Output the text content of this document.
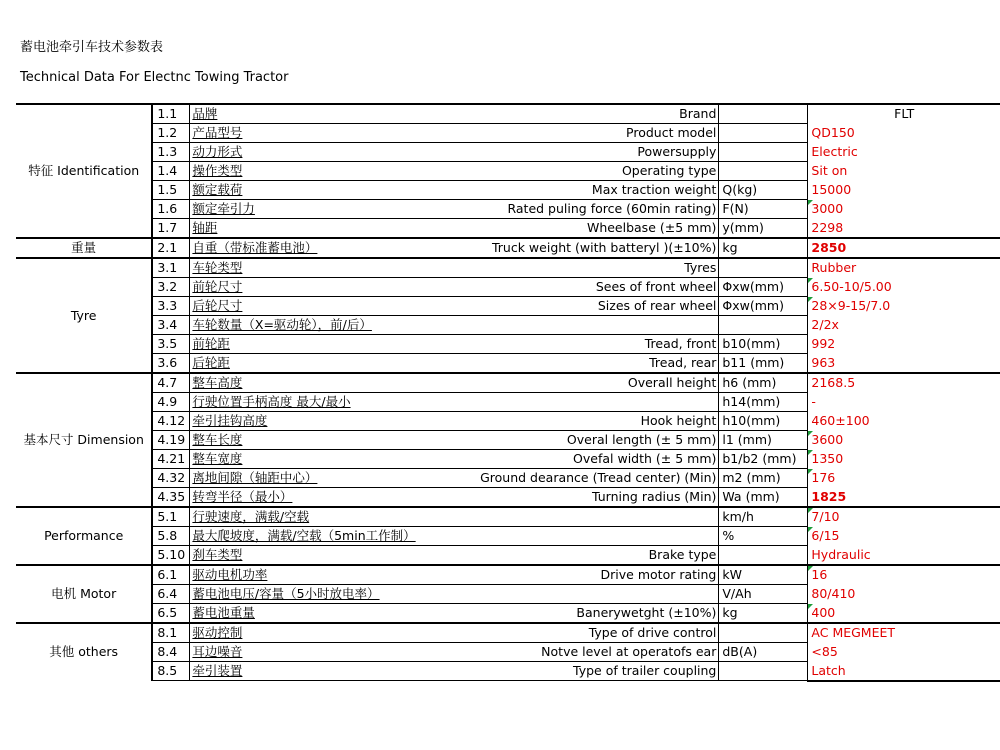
蓄电池牵引车技术参数表
Technical Data For Electnc Towing Tractor
特征 Identification	1.1	品牌	Brand		FLT
	1.2	产品型号	Product model		QD150
	1.3	动力形式	Powersupply		Electric
	1.4	操作类型	Operating type		Sit on
	1.5	额定载荷	Max traction weight	Q(kg)	15000
	1.6	额定牵引力	Rated puling force (60min rating)	F(N)	3000
	1.7	轴距	Wheelbase (±5 mm)	y(mm)	2298
重量	2.1	自重（带标准蓄电池）	Truck weight (with batteryl )(±10%)	kg	2850
Tyre	3.1	车轮类型	Tyres		Rubber
	3.2	前轮尺寸	Sees of front wheel	Φxw(mm)	6.50-10/5.00
	3.3	后轮尺寸	Sizes of rear wheel	Φxw(mm)	28×9-15/7.0
	3.4	车轮数量（X=驱动轮），前/后）			2/2x
	3.5	前轮距	Tread, front	b10(mm)	992
	3.6	后轮距	Tread, rear	b11 (mm)	963
基本尺寸 Dimension	4.7	整车高度	Overall height	h6 (mm)	2168.5
	4.9	行驶位置手柄高度 最大/最小		h14(mm)	-
	4.12	牵引挂钩高度	Hook height	h10(mm)	460±100
	4.19	整车长度	Overal length (± 5 mm)	l1 (mm)	3600
	4.21	整车宽度	Ovefal width (± 5 mm)	b1/b2 (mm)	1350
	4.32	离地间隙（轴距中心）	Ground dearance (Tread center) (Min)	m2 (mm)	176
	4.35	转弯半径（最小）	Turning radius (Min)	Wa (mm)	1825
Performance	5.1	行驶速度，满载/空载		km/h	7/10
	5.8	最大爬坡度，满载/空载（5min工作制）		%	6/15
	5.10	刹车类型	Brake type		Hydraulic
电机 Motor	6.1	驱动电机功率	Drive motor rating	kW	16
	6.4	蓄电池电压/容量（5小时放电率）		V/Ah	80/410
	6.5	蓄电池重量	Banerywetght (±10%)	kg	400
其他 others	8.1	驱动控制	Type of drive control		AC MEGMEET
	8.4	耳边噪音	Notve level at operatofs ear	dB(A)	<85
	8.5	牵引装置	Type of trailer coupling		Latch
